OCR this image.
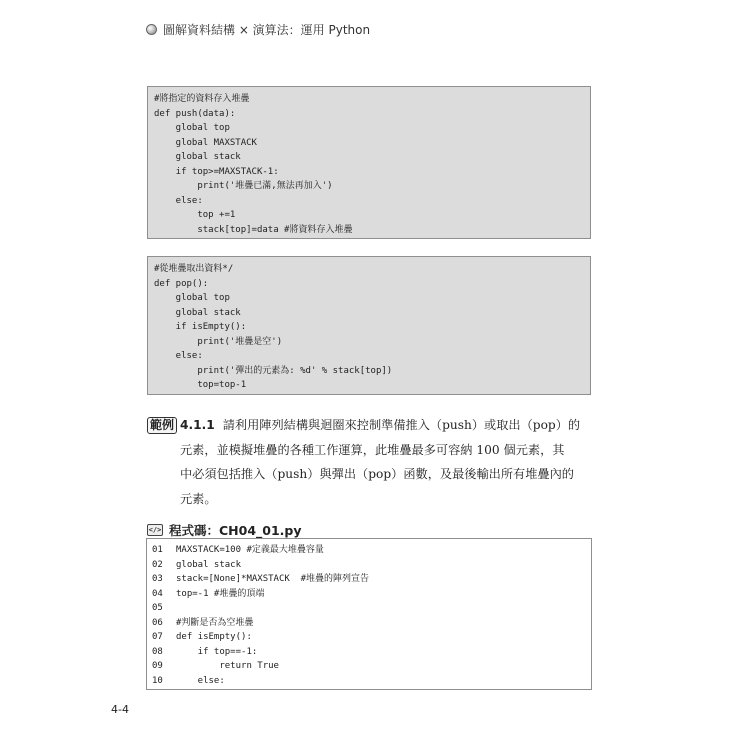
圖解資料結構 × 演算法：運用 Python
#將指定的資料存入堆疊
def push(data):
global top
global MAXSTACK
global stack
if top>=MAXSTACK-1:
print('堆疊已滿,無法再加入')
else:
top +=1
stack[top]=data #將資料存入堆疊
#從堆疊取出資料*/
def pop():
global top
global stack
if isEmpty():
print('堆疊是空')
else:
print('彈出的元素為: %d' % stack[top])
top=top-1
範例 4.1.1 請利用陣列結構與迴圈來控制準備推入（push）或取出（pop）的
元素，並模擬堆疊的各種工作運算，此堆疊最多可容納 100 個元素，其
中必須包括推入（push）與彈出（pop）函數，及最後輸出所有堆疊內的
元素。
</> 程式碼：CH04_01.py
01	MAXSTACK=100 #定義最大堆疊容量
02	global stack
03	stack=[None]*MAXSTACK  #堆疊的陣列宣告
04	top=-1 #堆疊的頂端
05
06	#判斷是否為空堆疊
07	def isEmpty():
08	if top==-1:
09	return True
10	else:
4-4
